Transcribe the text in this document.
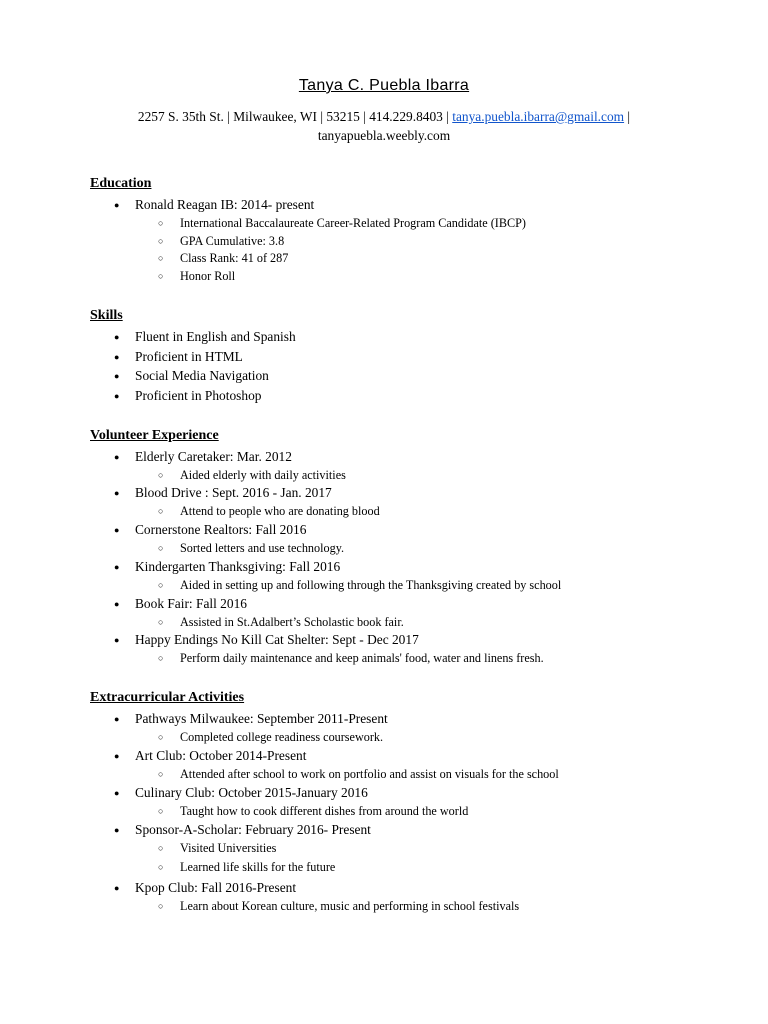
Tanya C. Puebla Ibarra
2257 S. 35th St. | Milwaukee, WI | 53215 | 414.229.8403 | tanya.puebla.ibarra@gmail.com |
tanyapuebla.weebly.com
Education
● Ronald Reagan IB: 2014- present
○ International Baccalaureate Career-Related Program Candidate (IBCP)
○ GPA Cumulative: 3.8
○ Class Rank: 41 of 287
○ Honor Roll
Skills
● Fluent in English and Spanish
● Proficient in HTML
● Social Media Navigation
● Proficient in Photoshop
Volunteer Experience
● Elderly Caretaker: Mar. 2012
○ Aided elderly with daily activities
● Blood Drive : Sept. 2016 - Jan. 2017
○ Attend to people who are donating blood
● Cornerstone Realtors: Fall 2016
○ Sorted letters and use technology.
● Kindergarten Thanksgiving: Fall 2016
○ Aided in setting up and following through the Thanksgiving created by school
● Book Fair: Fall 2016
○ Assisted in St.Adalbert’s Scholastic book fair.
● Happy Endings No Kill Cat Shelter: Sept - Dec 2017
○ Perform daily maintenance and keep animals' food, water and linens fresh.
Extracurricular Activities
● Pathways Milwaukee: September 2011-Present
○ Completed college readiness coursework.
● Art Club: October 2014-Present
○ Attended after school to work on portfolio and assist on visuals for the school
● Culinary Club: October 2015-January 2016
○ Taught how to cook different dishes from around the world
● Sponsor-A-Scholar: February 2016- Present
○ Visited Universities
○ Learned life skills for the future
● Kpop Club: Fall 2016-Present
○ Learn about Korean culture, music and performing in school festivals
